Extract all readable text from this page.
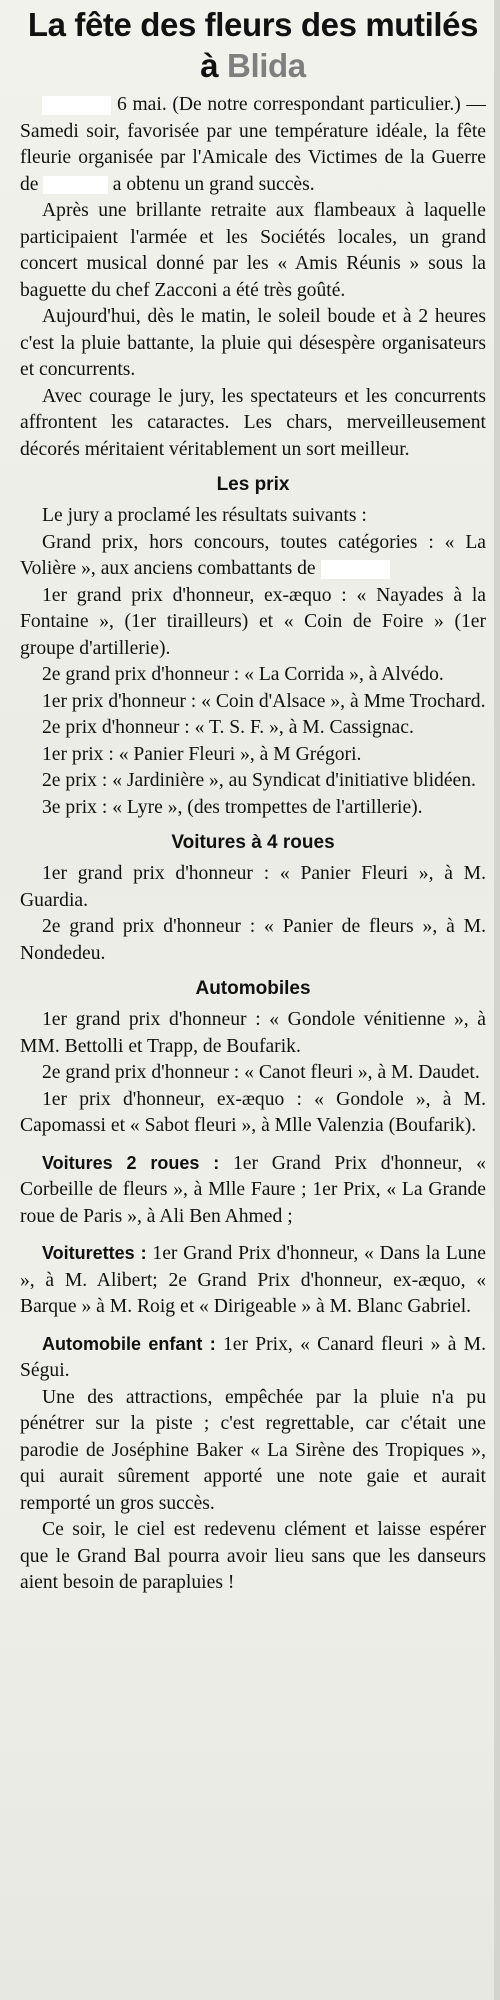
La fête des fleurs des mutilés
à Blida

6 mai. (De notre correspondant particulier.) — Samedi soir, favorisée par une température idéale, la fête fleurie organisée par l'Amicale des Victimes de la Guerre de	a obtenu un grand succès.

Après une brillante retraite aux flambeaux à laquelle participaient l'armée et les Sociétés locales, un grand concert musical donné par les « Amis Réunis » sous la baguette du chef Zacconi a été très goûté.

Aujourd'hui, dès le matin, le soleil boude et à 2 heures c'est la pluie battante, la pluie qui désespère organisateurs et concurrents.

Avec courage le jury, les spectateurs et les concurrents affrontent les cataractes. Les chars, merveilleusement décorés méritaient véritablement un sort meilleur.

Les prix

Le jury a proclamé les résultats suivants :

Grand prix, hors concours, toutes catégories : « La Volière », aux anciens combattants de

1er grand prix d'honneur, ex-æquo : « Nayades à la Fontaine », (1er tirailleurs) et « Coin de Foire » (1er groupe d'artillerie).

2e grand prix d'honneur : « La Corrida », à Alvédo.

1er prix d'honneur : « Coin d'Alsace », à Mme Trochard.

2e prix d'honneur : « T. S. F. », à M. Cassignac.

1er prix : « Panier Fleuri », à M Grégori.

2e prix : « Jardinière », au Syndicat d'initiative blidéen.

3e prix : « Lyre », (des trompettes de l'artillerie).

Voitures à 4 roues

1er grand prix d'honneur : « Panier Fleuri », à M. Guardia.

2e grand prix d'honneur : « Panier de fleurs », à M. Nondedeu.

Automobiles

1er grand prix d'honneur : « Gondole vénitienne », à MM. Bettolli et Trapp, de Boufarik.

2e grand prix d'honneur : « Canot fleuri », à M. Daudet.

1er prix d'honneur, ex-æquo : « Gondole », à M. Capomassi et « Sabot fleuri », à Mlle Valenzia (Boufarik).

Voitures 2 roues : 1er Grand Prix d'honneur, « Corbeille de fleurs », à Mlle Faure ; 1er Prix, « La Grande roue de Paris », à Ali Ben Ahmed ;

Voiturettes : 1er Grand Prix d'honneur, « Dans la Lune », à M. Alibert; 2e Grand Prix d'honneur, ex-æquo, « Barque » à M. Roig et « Dirigeable » à M. Blanc Gabriel.

Automobile enfant : 1er Prix, « Canard fleuri » à M. Ségui.

Une des attractions, empêchée par la pluie n'a pu pénétrer sur la piste ; c'est regrettable, car c'était une parodie de Joséphine Baker « La Sirène des Tropiques », qui aurait sûrement apporté une note gaie et aurait remporté un gros succès.

Ce soir, le ciel est redevenu clément et laisse espérer que le Grand Bal pourra avoir lieu sans que les danseurs aient besoin de parapluies !
